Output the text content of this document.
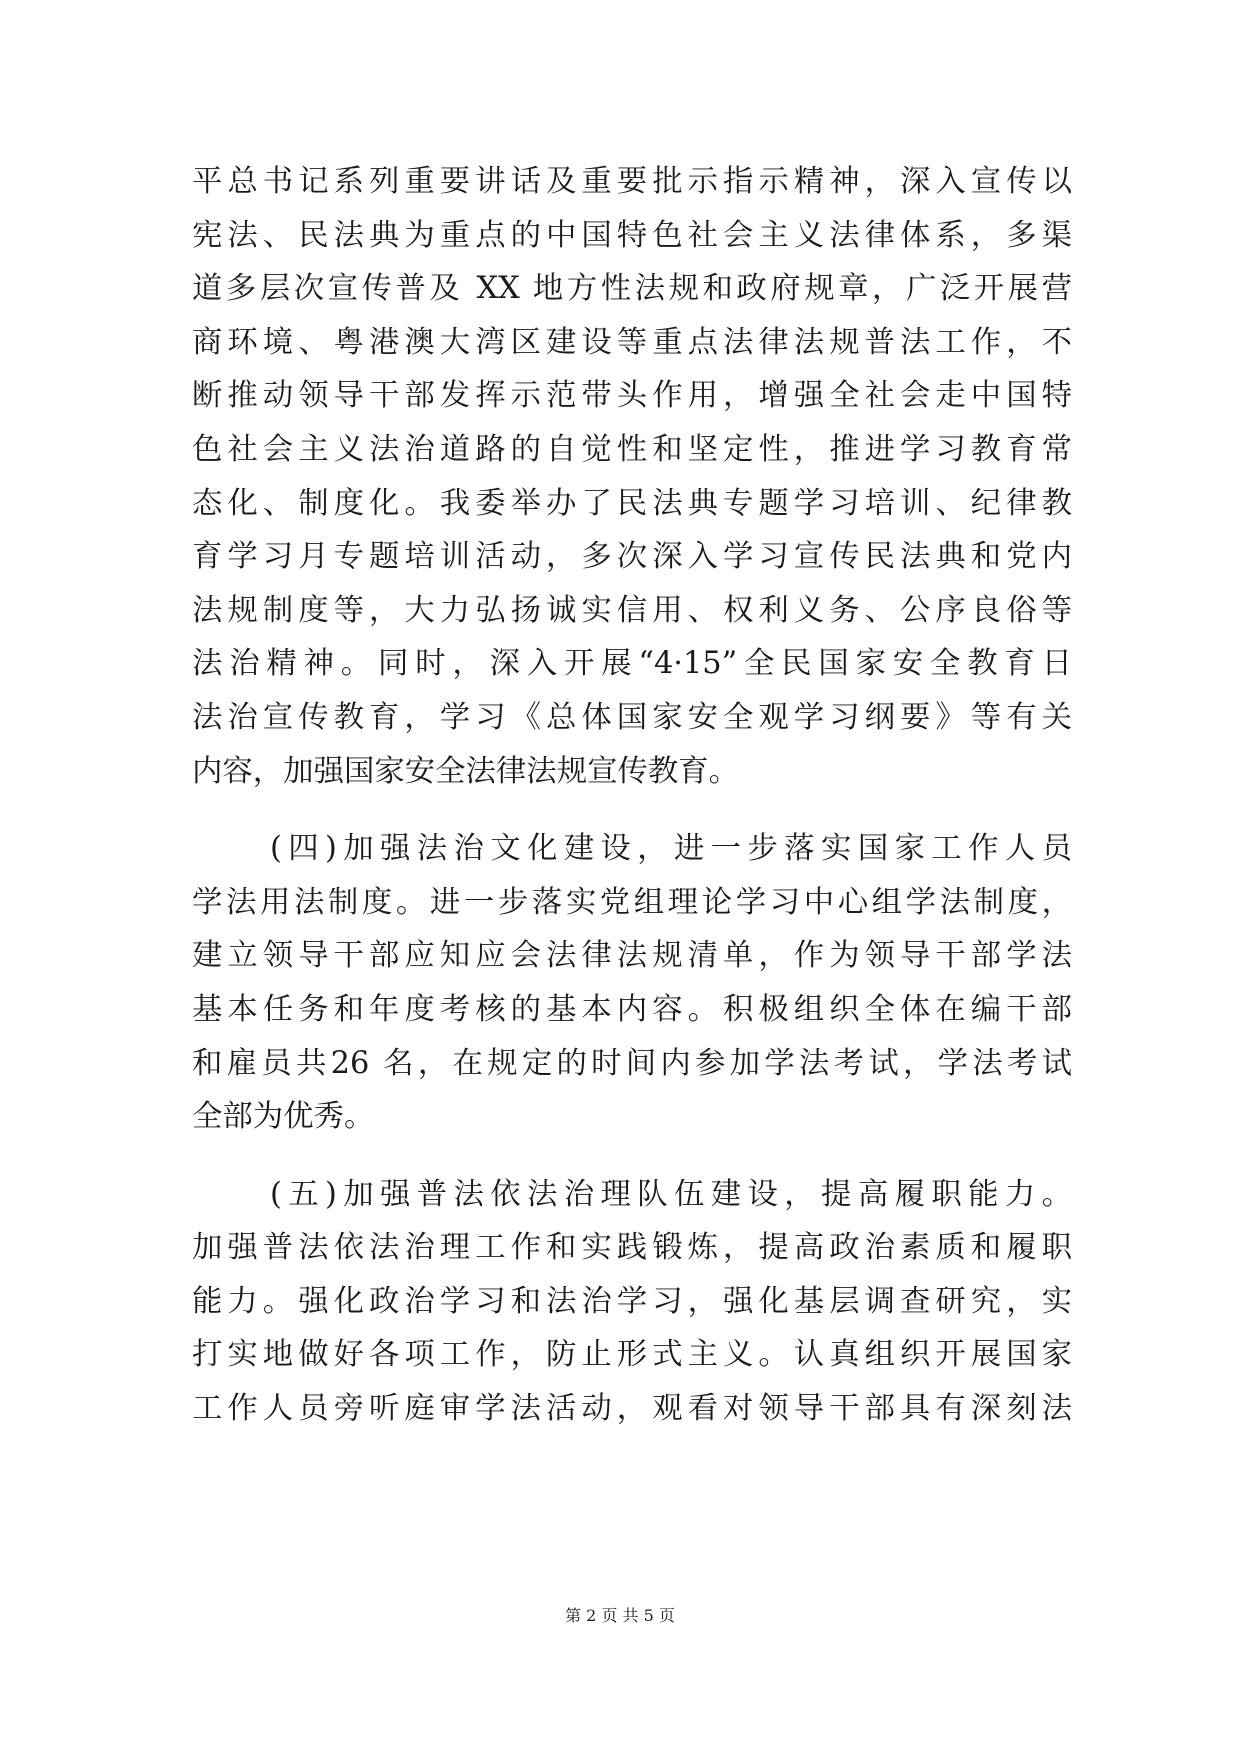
平总书记系列重要讲话及重要批示指示精神，深入宣传以
宪法、民法典为重点的中国特色社会主义法律体系，多渠
道多层次宣传普及 XX 地方性法规和政府规章，广泛开展营
商环境、粤港澳大湾区建设等重点法律法规普法工作，不
断推动领导干部发挥示范带头作用，增强全社会走中国特
色社会主义法治道路的自觉性和坚定性，推进学习教育常
态化、制度化。我委举办了民法典专题学习培训、纪律教
育学习月专题培训活动，多次深入学习宣传民法典和党内
法规制度等，大力弘扬诚实信用、权利义务、公序良俗等
法治精神。同时，深入开展“4·15”全民国家安全教育日
法治宣传教育，学习《总体国家安全观学习纲要》等有关
内容，加强国家安全法律法规宣传教育。
(四)加强法治文化建设，进一步落实国家工作人员
学法用法制度。进一步落实党组理论学习中心组学法制度，
建立领导干部应知应会法律法规清单，作为领导干部学法
基本任务和年度考核的基本内容。积极组织全体在编干部
和雇员共26 名，在规定的时间内参加学法考试，学法考试
全部为优秀。
(五)加强普法依法治理队伍建设，提高履职能力。
加强普法依法治理工作和实践锻炼，提高政治素质和履职
能力。强化政治学习和法治学习，强化基层调查研究，实
打实地做好各项工作，防止形式主义。认真组织开展国家
工作人员旁听庭审学法活动，观看对领导干部具有深刻法
第 2 页 共 5 页
